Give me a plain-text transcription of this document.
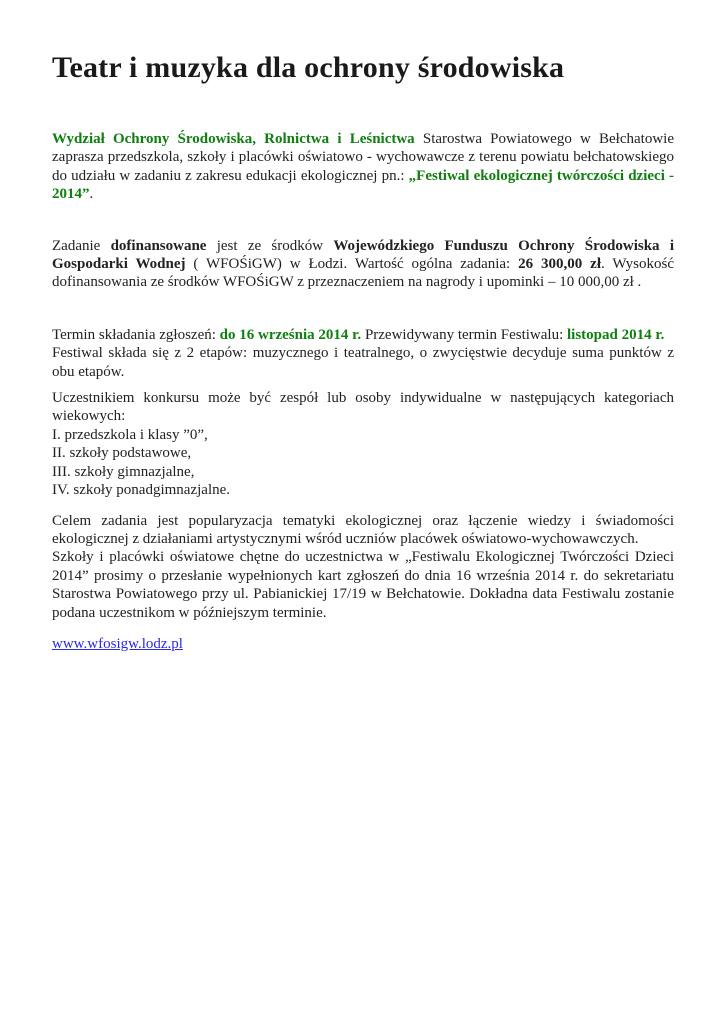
Teatr i muzyka dla ochrony środowiska

Wydział Ochrony Środowiska, Rolnictwa i Leśnictwa Starostwa Powiatowego w Bełchatowie zaprasza przedszkola, szkoły i placówki oświatowo - wychowawcze z terenu powiatu bełchatowskiego do udziału w zadaniu z zakresu edukacji ekologicznej pn.: „Festiwal ekologicznej twórczości dzieci - 2014”.

Zadanie dofinansowane jest ze środków Wojewódzkiego Funduszu Ochrony Środowiska i Gospodarki Wodnej ( WFOŚiGW) w Łodzi. Wartość ogólna zadania: 26 300,00 zł. Wysokość dofinansowania ze środków WFOŚiGW z przeznaczeniem na nagrody i upominki – 10 000,00 zł .

Termin składania zgłoszeń: do 16 września 2014 r. Przewidywany termin Festiwalu: listopad 2014 r.

Festiwal składa się z 2 etapów: muzycznego i teatralnego, o zwycięstwie decyduje suma punktów z obu etapów.

Uczestnikiem konkursu może być zespół lub osoby indywidualne w następujących kategoriach wiekowych:

I. przedszkola i klasy ”0”,
II. szkoły podstawowe,
III. szkoły gimnazjalne,
IV. szkoły ponadgimnazjalne.

Celem zadania jest popularyzacja tematyki ekologicznej oraz łączenie wiedzy i świadomości ekologicznej z działaniami artystycznymi wśród uczniów placówek oświatowo-wychowawczych.
Szkoły i placówki oświatowe chętne do uczestnictwa w „Festiwalu Ekologicznej Twórczości Dzieci 2014” prosimy o przesłanie wypełnionych kart zgłoszeń do dnia 16 września 2014 r. do sekretariatu Starostwa Powiatowego przy ul. Pabianickiej 17/19 w Bełchatowie. Dokładna data Festiwalu zostanie podana uczestnikom w późniejszym terminie.

www.wfosigw.lodz.pl
